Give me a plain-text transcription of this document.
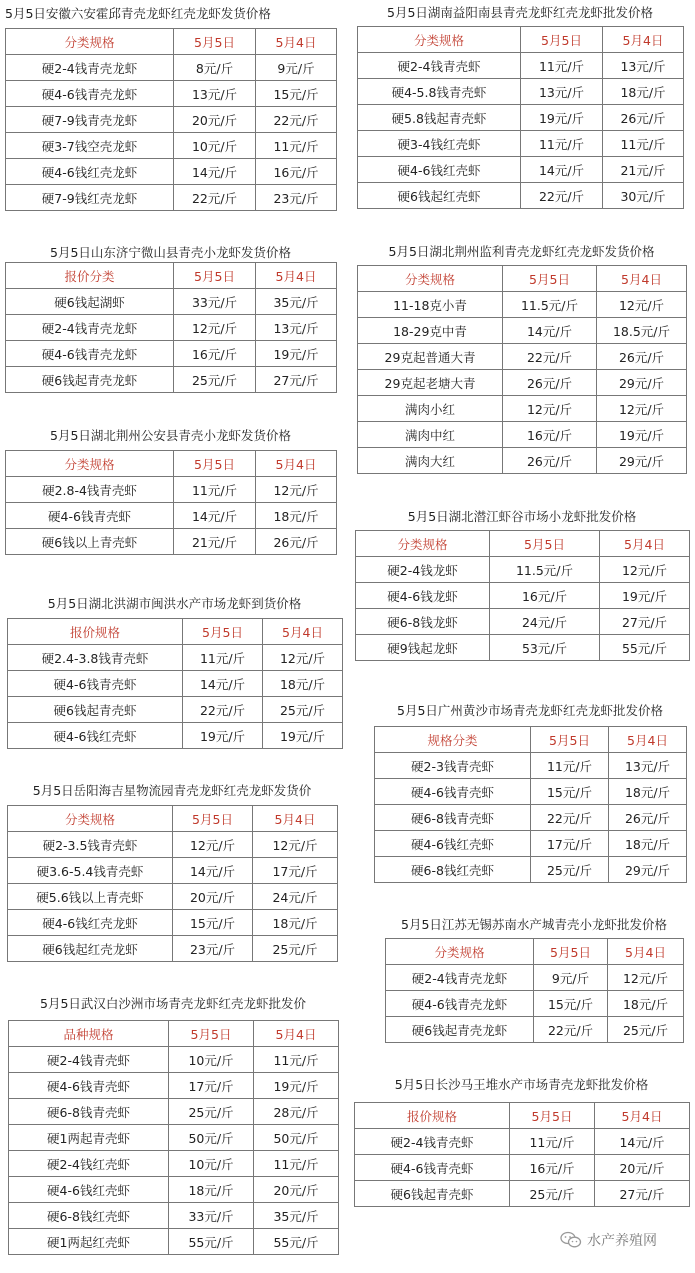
5月5日安徽六安霍邱青壳龙虾红壳龙虾发货价格
分类规格	5月5日	5月4日
硬2-4钱青壳龙虾	8元/斤	9元/斤
硬4-6钱青壳龙虾	13元/斤	15元/斤
硬7-9钱青壳龙虾	20元/斤	22元/斤
硬3-7钱空壳龙虾	10元/斤	11元/斤
硬4-6钱红壳龙虾	14元/斤	16元/斤
硬7-9钱红壳龙虾	22元/斤	23元/斤
5月5日湖南益阳南县青壳龙虾红壳龙虾批发价格
分类规格	5月5日	5月4日
硬2-4钱青壳虾	11元/斤	13元/斤
硬4-5.8钱青壳虾	13元/斤	18元/斤
硬5.8钱起青壳虾	19元/斤	26元/斤
硬3-4钱红壳虾	11元/斤	11元/斤
硬4-6钱红壳虾	14元/斤	21元/斤
硬6钱起红壳虾	22元/斤	30元/斤
5月5日山东济宁微山县青壳小龙虾发货价格
报价分类	5月5日	5月4日
硬6钱起湖虾	33元/斤	35元/斤
硬2-4钱青壳龙虾	12元/斤	13元/斤
硬4-6钱青壳龙虾	16元/斤	19元/斤
硬6钱起青壳龙虾	25元/斤	27元/斤
5月5日湖北荆州监利青壳龙虾红壳龙虾发货价格
分类规格	5月5日	5月4日
11-18克小青	11.5元/斤	12元/斤
18-29克中青	14元/斤	18.5元/斤
29克起普通大青	22元/斤	26元/斤
29克起老塘大青	26元/斤	29元/斤
满肉小红	12元/斤	12元/斤
满肉中红	16元/斤	19元/斤
满肉大红	26元/斤	29元/斤
5月5日湖北荆州公安县青壳小龙虾发货价格
分类规格	5月5日	5月4日
硬2.8-4钱青壳虾	11元/斤	12元/斤
硬4-6钱青壳虾	14元/斤	18元/斤
硬6钱以上青壳虾	21元/斤	26元/斤
5月5日湖北潜江虾谷市场小龙虾批发价格
分类规格	5月5日	5月4日
硬2-4钱龙虾	11.5元/斤	12元/斤
硬4-6钱龙虾	16元/斤	19元/斤
硬6-8钱龙虾	24元/斤	27元/斤
硬9钱起龙虾	53元/斤	55元/斤
5月5日湖北洪湖市闽洪水产市场龙虾到货价格
报价规格	5月5日	5月4日
硬2.4-3.8钱青壳虾	11元/斤	12元/斤
硬4-6钱青壳虾	14元/斤	18元/斤
硬6钱起青壳虾	22元/斤	25元/斤
硬4-6钱红壳虾	19元/斤	19元/斤
5月5日广州黄沙市场青壳龙虾红壳龙虾批发价格
规格分类	5月5日	5月4日
硬2-3钱青壳虾	11元/斤	13元/斤
硬4-6钱青壳虾	15元/斤	18元/斤
硬6-8钱青壳虾	22元/斤	26元/斤
硬4-6钱红壳虾	17元/斤	18元/斤
硬6-8钱红壳虾	25元/斤	29元/斤
5月5日岳阳海吉星物流园青壳龙虾红壳龙虾发货价
分类规格	5月5日	5月4日
硬2-3.5钱青壳虾	12元/斤	12元/斤
硬3.6-5.4钱青壳虾	14元/斤	17元/斤
硬5.6钱以上青壳虾	20元/斤	24元/斤
硬4-6钱红壳龙虾	15元/斤	18元/斤
硬6钱起红壳龙虾	23元/斤	25元/斤
5月5日江苏无锡苏南水产城青壳小龙虾批发价格
分类规格	5月5日	5月4日
硬2-4钱青壳龙虾	9元/斤	12元/斤
硬4-6钱青壳龙虾	15元/斤	18元/斤
硬6钱起青壳龙虾	22元/斤	25元/斤
5月5日武汉白沙洲市场青壳龙虾红壳龙虾批发价
品种规格	5月5日	5月4日
硬2-4钱青壳虾	10元/斤	11元/斤
硬4-6钱青壳虾	17元/斤	19元/斤
硬6-8钱青壳虾	25元/斤	28元/斤
硬1两起青壳虾	50元/斤	50元/斤
硬2-4钱红壳虾	10元/斤	11元/斤
硬4-6钱红壳虾	18元/斤	20元/斤
硬6-8钱红壳虾	33元/斤	35元/斤
硬1两起红壳虾	55元/斤	55元/斤
5月5日长沙马王堆水产市场青壳龙虾批发价格
报价规格	5月5日	5月4日
硬2-4钱青壳虾	11元/斤	14元/斤
硬4-6钱青壳虾	16元/斤	20元/斤
硬6钱起青壳虾	25元/斤	27元/斤
水产养殖网
